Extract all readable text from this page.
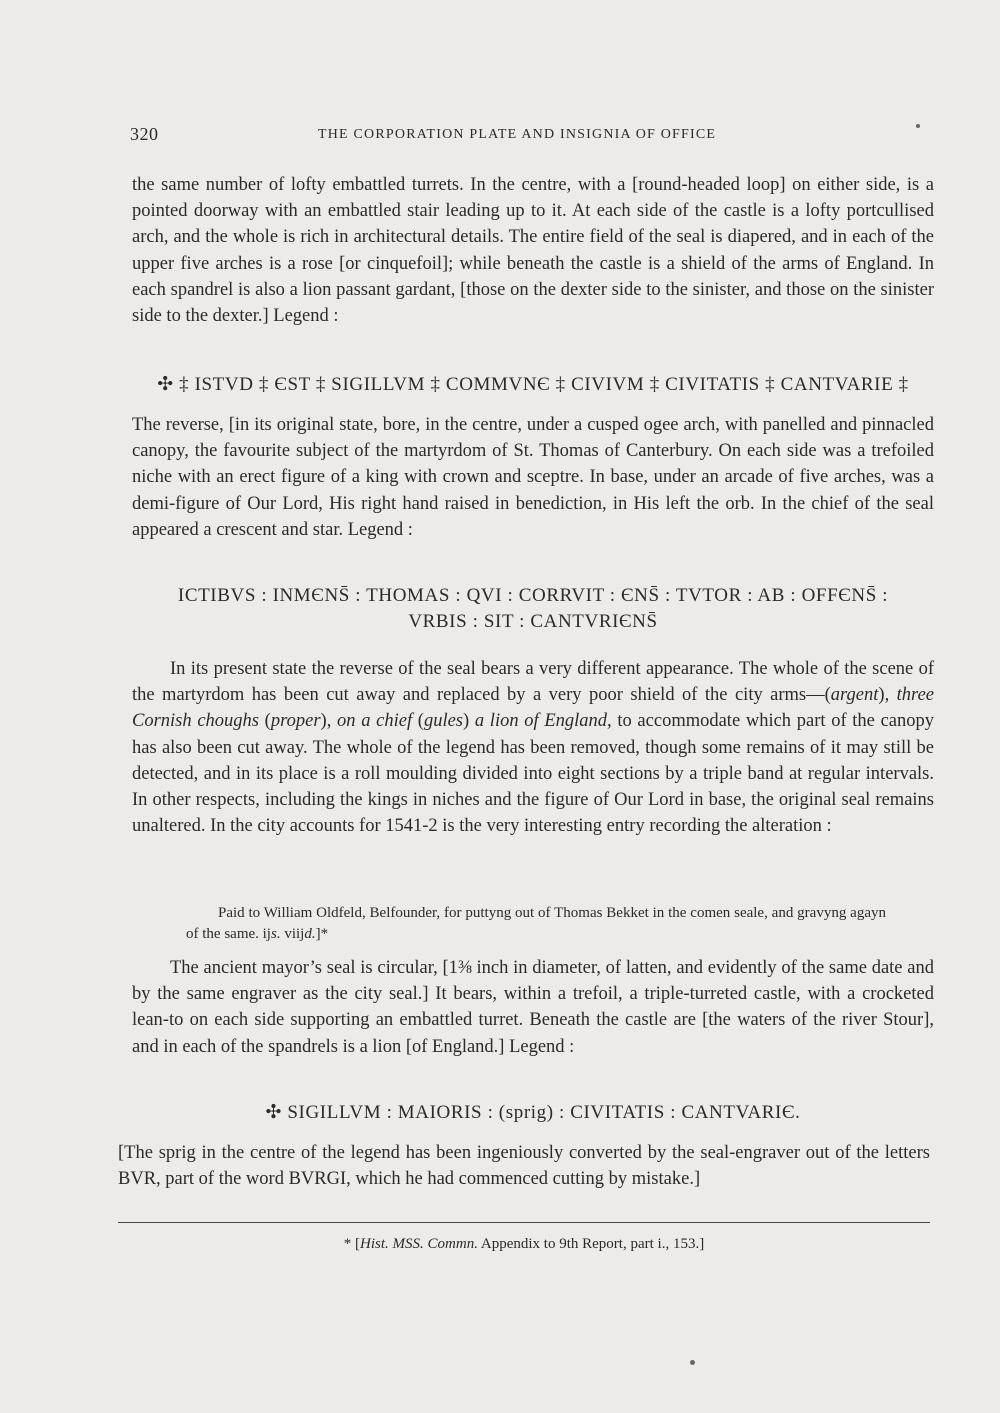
320	THE CORPORATION PLATE AND INSIGNIA OF OFFICE

the same number of lofty embattled turrets. In the centre, with a [round-headed loop] on either side, is a pointed doorway with an embattled stair leading up to it. At each side of the castle is a lofty portcullised arch, and the whole is rich in architectural details. The entire field of the seal is diapered, and in each of the upper five arches is a rose [or cinquefoil]; while beneath the castle is a shield of the arms of England. In each spandrel is also a lion passant gardant, [those on the dexter side to the sinister, and those on the sinister side to the dexter.] Legend :

✣ ‡ ISTVD ‡ ЄST ‡ SIGILLVM ‡ CΟMMVΝЄ ‡ CIVIVM ‡ CIVITATIS ‡ CAΝTVARIE ‡

The reverse, [in its original state, bore, in the centre, under a cusped ogee arch, with panelled and pinnacled canopy, the favourite subject of the martyrdom of St. Thomas of Canterbury. On each side was a trefoiled niche with an erect figure of a king with crown and sceptre. In base, under an arcade of five arches, was a demi-figure of Our Lord, His right hand raised in benediction, in His left the orb. In the chief of the seal appeared a crescent and star. Legend :

ICTIBVS : IΝMЄΝS̄ : THOMAS : QVI : CORRVIT : ЄΝS̄ : TVTOR : AB : OFFЄΝS̄ :
VRBIS : SIT : CAΝTVRIЄΝS̄

In its present state the reverse of the seal bears a very different appearance. The whole of the scene of the martyrdom has been cut away and replaced by a very poor shield of the city arms—(argent), three Cornish choughs (proper), on a chief (gules) a lion of England, to accommodate which part of the canopy has also been cut away. The whole of the legend has been removed, though some remains of it may still be detected, and in its place is a roll moulding divided into eight sections by a triple band at regular intervals. In other respects, including the kings in niches and the figure of Our Lord in base, the original seal remains unaltered. In the city accounts for 1541-2 is the very interesting entry recording the alteration :

Paid to William Oldfeld, Belfounder, for puttyng out of Thomas Bekket in the comen seale, and gravyng agayn of the same. ijs. viijd.]*

The ancient mayor’s seal is circular, [1⅜ inch in diameter, of latten, and evidently of the same date and by the same engraver as the city seal.] It bears, within a trefoil, a triple-turreted castle, with a crocketed lean-to on each side supporting an embattled turret. Beneath the castle are [the waters of the river Stour], and in each of the spandrels is a lion [of England.] Legend :

✣ SIGILLVM : MAIORIS : (sprig) : CIVITATIS : CAΝTVARIЄ.

[The sprig in the centre of the legend has been ingeniously converted by the seal-engraver out of the letters BVR, part of the word BVRGI, which he had commenced cutting by mistake.]

* [Hist. MSS. Commn. Appendix to 9th Report, part i., 153.]
